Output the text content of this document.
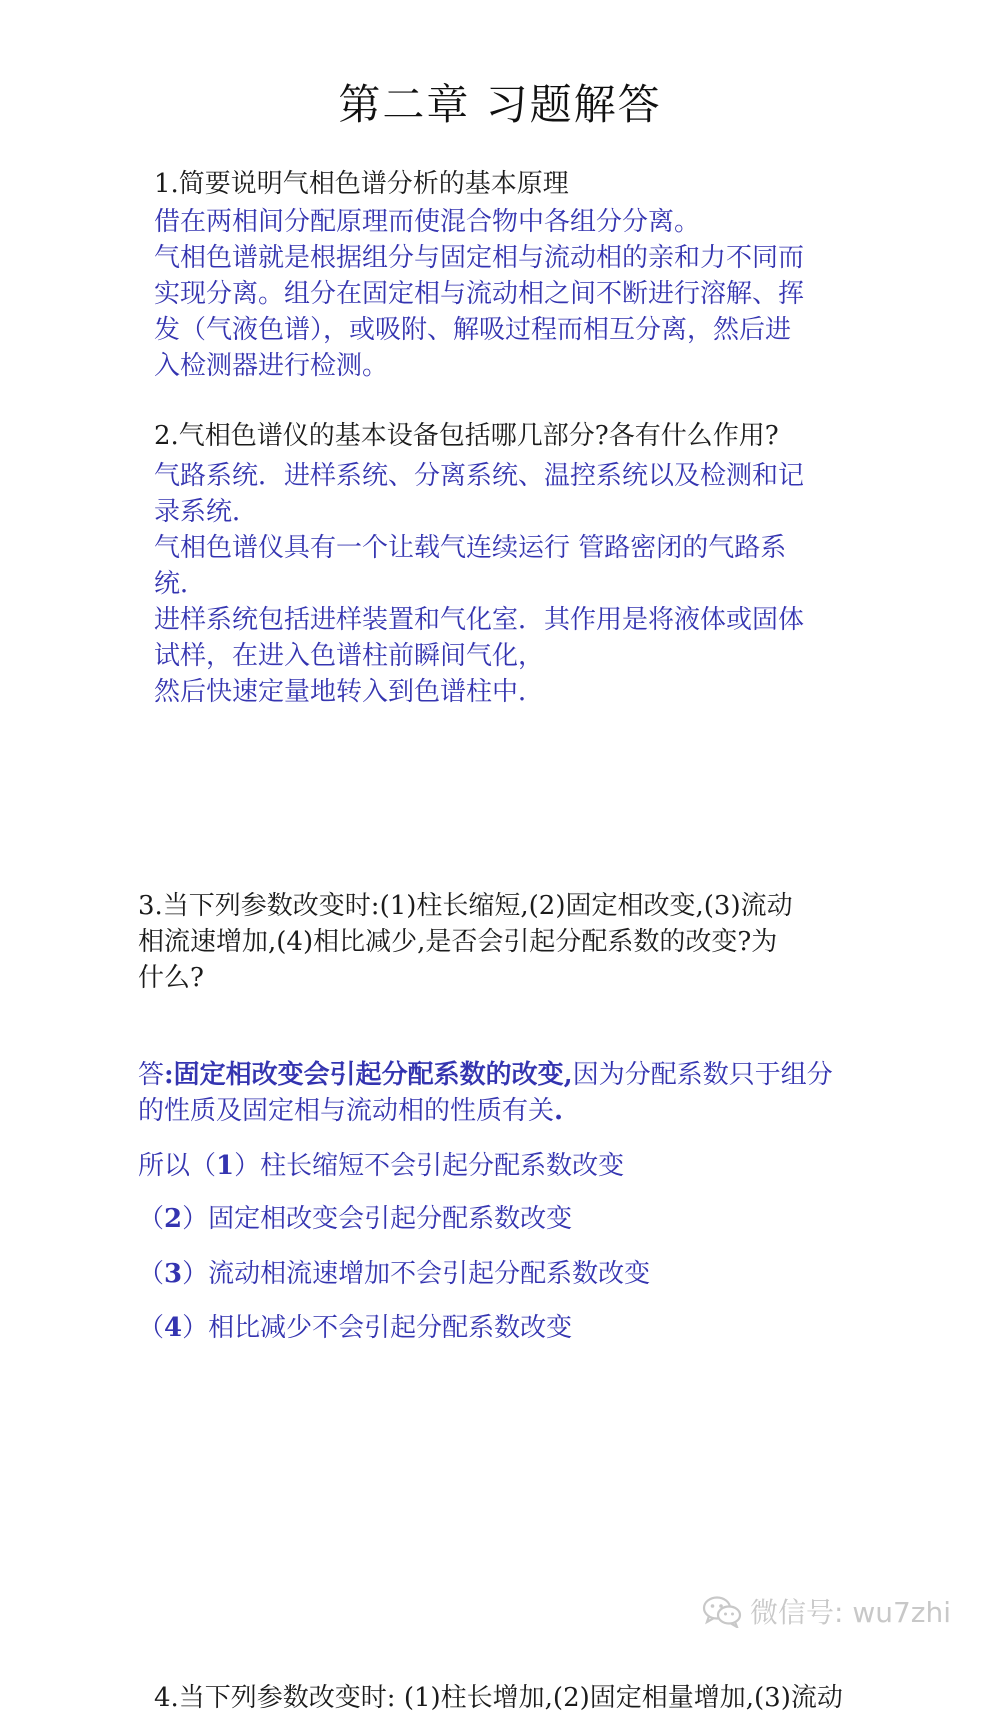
第二章 习题解答
1.简要说明气相色谱分析的基本原理
借在两相间分配原理而使混合物中各组分分离。
气相色谱就是根据组分与固定相与流动相的亲和力不同而
实现分离。组分在固定相与流动相之间不断进行溶解、挥
发（气液色谱），或吸附、解吸过程而相互分离，然后进
入检测器进行检测。
2.气相色谱仪的基本设备包括哪几部分?各有什么作用?
气路系统．进样系统、分离系统、温控系统以及检测和记
录系统．
气相色谱仪具有一个让载气连续运行 管路密闭的气路系
统．
进样系统包括进样装置和气化室．其作用是将液体或固体
试样，在进入色谱柱前瞬间气化，
然后快速定量地转入到色谱柱中．
3.当下列参数改变时:(1)柱长缩短,(2)固定相改变,(3)流动
相流速增加,(4)相比减少,是否会引起分配系数的改变?为
什么?
答:固定相改变会引起分配系数的改变,因为分配系数只于组分
的性质及固定相与流动相的性质有关.
所以（1）柱长缩短不会引起分配系数改变
（2）固定相改变会引起分配系数改变
（3）流动相流速增加不会引起分配系数改变
（4）相比减少不会引起分配系数改变
4.当下列参数改变时: (1)柱长增加,(2)固定相量增加,(3)流动
微信号: wu7zhi
